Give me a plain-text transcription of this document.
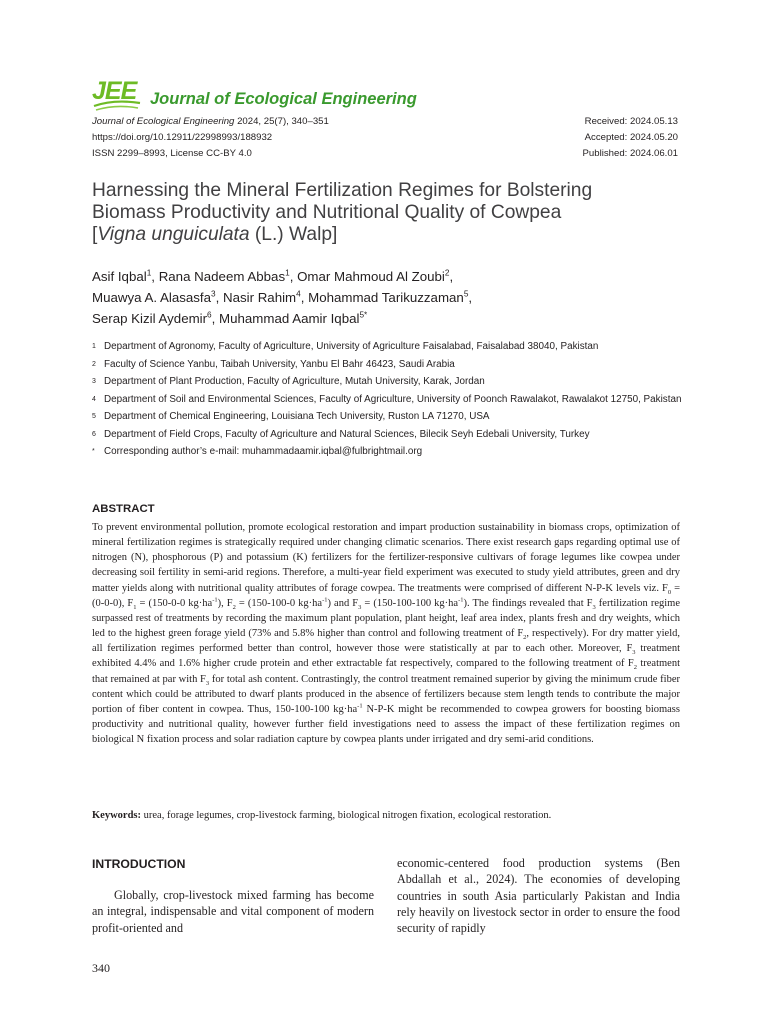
JEE Journal of Ecological Engineering
Journal of Ecological Engineering 2024, 25(7), 340–351
https://doi.org/10.12911/22998993/188932
ISSN 2299–8993, License CC-BY 4.0
Received: 2024.05.13
Accepted: 2024.05.20
Published: 2024.06.01
Harnessing the Mineral Fertilization Regimes for Bolstering
Biomass Productivity and Nutritional Quality of Cowpea
[Vigna unguiculata (L.) Walp]
Asif Iqbal$^1$, Rana Nadeem Abbas$^1$, Omar Mahmoud Al Zoubi$^2$,
Muawya A. Alasasfa$^3$, Nasir Rahim$^4$, Mohammad Tarikuzzaman$^5$,
Serap Kizil Aydemir$^6$, Muhammad Aamir Iqbal$^{5*}$
1 Department of Agronomy, Faculty of Agriculture, University of Agriculture Faisalabad, Faisalabad 38040, Pakistan
2 Faculty of Science Yanbu, Taibah University, Yanbu El Bahr 46423, Saudi Arabia
3 Department of Plant Production, Faculty of Agriculture, Mutah University, Karak, Jordan
4 Department of Soil and Environmental Sciences, Faculty of Agriculture, University of Poonch Rawalakot, Rawalakot 12750, Pakistan
5 Department of Chemical Engineering, Louisiana Tech University, Ruston LA 71270, USA
6 Department of Field Crops, Faculty of Agriculture and Natural Sciences, Bilecik Seyh Edebali University, Turkey
* Corresponding author’s e-mail: muhammadaamir.iqbal@fulbrightmail.org
ABSTRACT

To prevent environmental pollution, promote ecological restoration and impart production sustainability in biomass crops, optimization of mineral fertilization regimes is strategically required under changing climatic scenarios. There exist research gaps regarding optimal use of nitrogen (N), phosphorous (P) and potassium (K) fertilizers for the fertilizer-responsive cultivars of forage legumes like cowpea under decreasing soil fertility in semi-arid regions. Therefore, a multi-year field experiment was executed to study yield attributes, green and dry matter yields along with nutritional quality attributes of forage cowpea. The treatments were comprised of different N-P-K levels viz. $F_0 = (0-0-0)$, $F_1 = (150-0-0$ $kg\cdot ha^{-1}$), $F_2 = (150-100-0$ $kg\cdot ha^{-1}$) and $F_3 = (150-100-100$ $kg\cdot ha^{-1}$). The findings revealed that $F_3$ fertilization regime surpassed rest of treatments by recording the maximum plant population, plant height, leaf area index, plants fresh and dry weights, which led to the highest green forage yield (73% and 5.8% higher than control and following treatment of $F_2$, respectively). For dry matter yield, all fertilization regimes performed better than control, however those were statistically at par to each other. Moreover, $F_3$ treatment exhibited 4.4% and 1.6% higher crude protein and ether extractable fat respectively, compared to the following treatment of $F_2$ treatment that remained at par with $F_3$ for total ash content. Contrastingly, the control treatment remained superior by giving the minimum crude fiber content which could be attributed to dwarf plants produced in the absence of fertilizers because stem length tends to contribute the major portion of fiber content in cowpea. Thus, 150-100-100 $kg\cdot ha^{-1}$ N-P-K might be recommended to cowpea growers for boosting biomass productivity and nutritional quality, however further field investigations need to assess the impact of these fertilization regimes on biological N fixation process and solar radiation capture by cowpea plants under irrigated and dry semi-arid conditions.

Keywords: urea, forage legumes, crop-livestock farming, biological nitrogen fixation, ecological restoration.

INTRODUCTION

Globally, crop-livestock mixed farming has become an integral, indispensable and vital component of modern profit-oriented and

economic-centered food production systems (Ben Abdallah et al., 2024). The economies of developing countries in south Asia particularly Pakistan and India rely heavily on livestock sector in order to ensure the food security of rapidly

340
